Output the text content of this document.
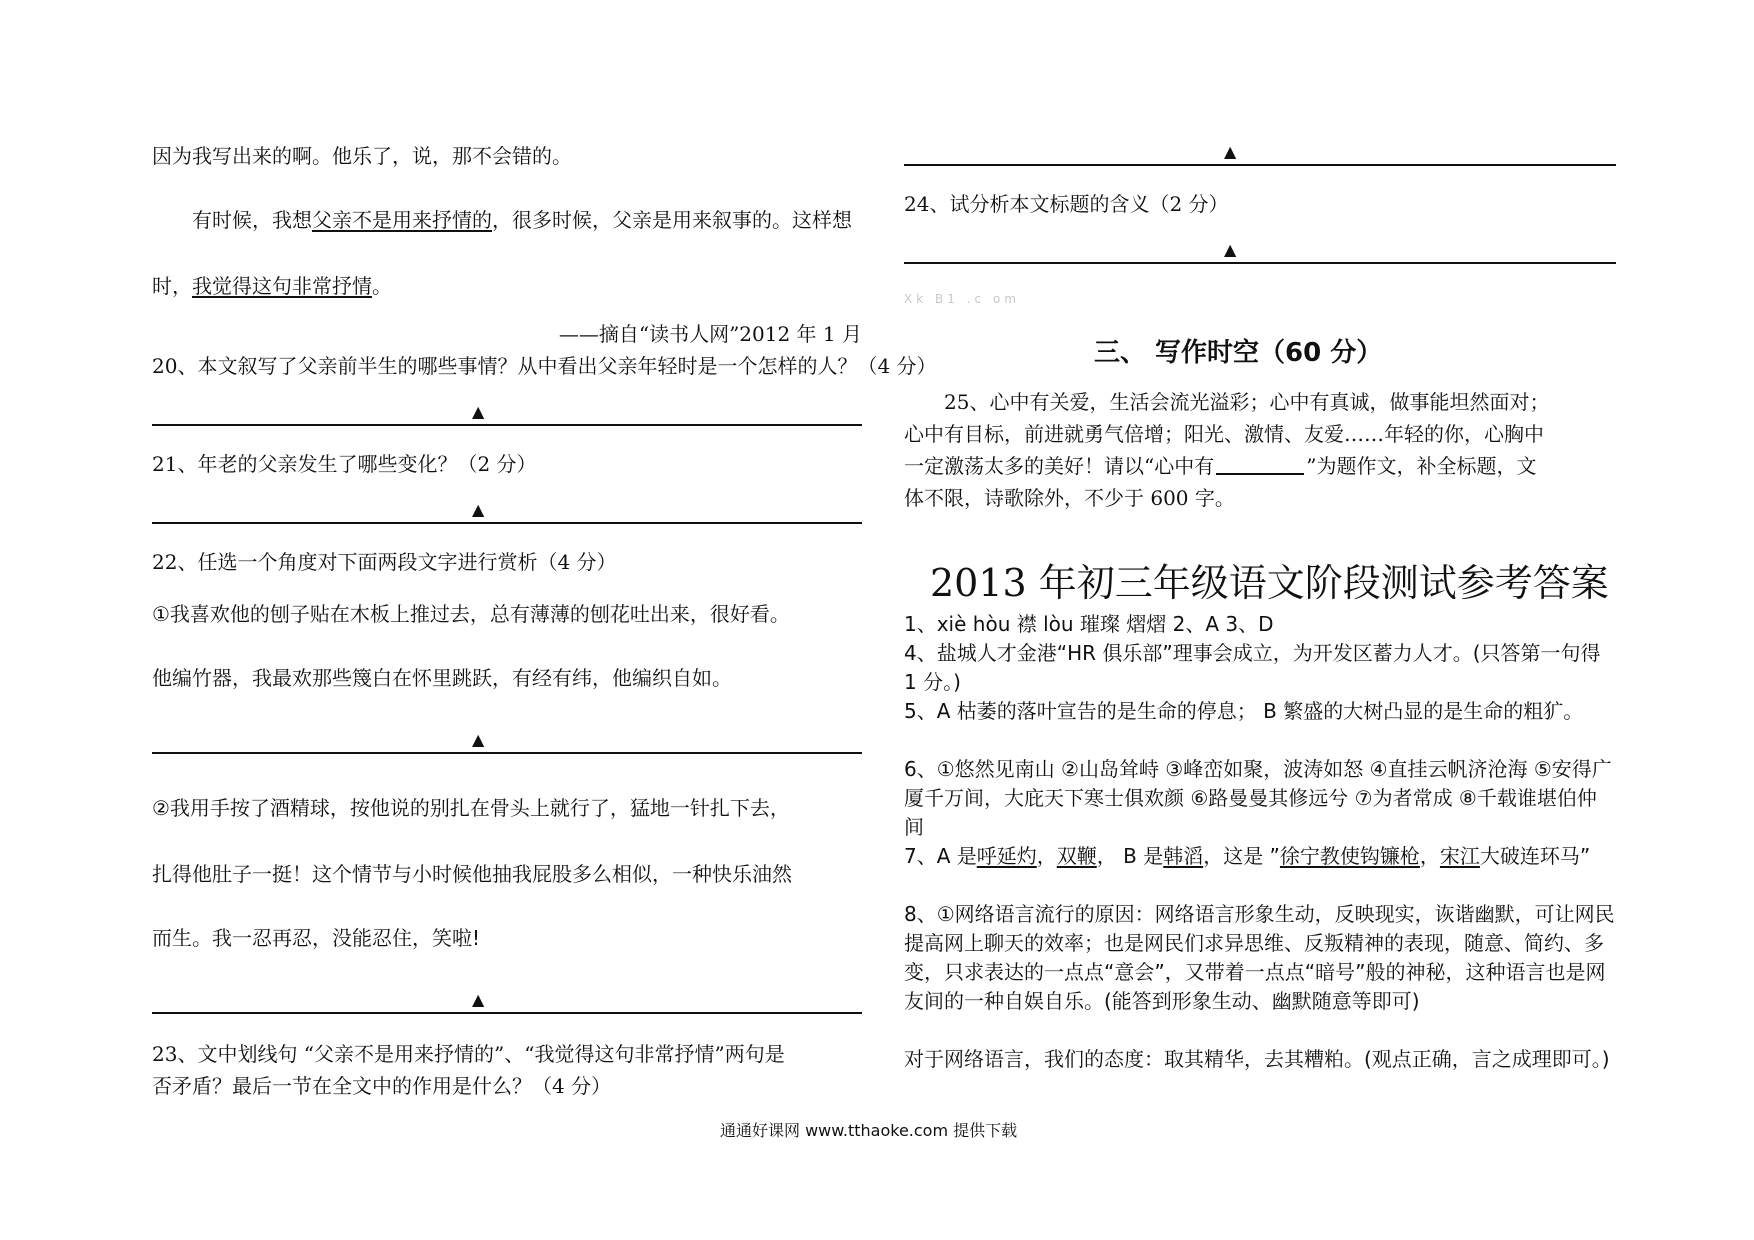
因为我写出来的啊。他乐了，说，那不会错的。
有时候，我想父亲不是用来抒情的，很多时候，父亲是用来叙事的。这样想
时，我觉得这句非常抒情。
——摘自“读书人网”2012 年 1 月
20、本文叙写了父亲前半生的哪些事情？从中看出父亲年轻时是一个怎样的人？（4 分）
▲
21、年老的父亲发生了哪些变化？（2 分）
▲
22、任选一个角度对下面两段文字进行赏析（4 分）
①我喜欢他的刨子贴在木板上推过去，总有薄薄的刨花吐出来，很好看。
他编竹器，我最欢那些篾白在怀里跳跃，有经有纬，他编织自如。
▲
②我用手按了酒精球，按他说的别扎在骨头上就行了，猛地一针扎下去，
扎得他肚子一挺！这个情节与小时候他抽我屁股多么相似，一种快乐油然
而生。我一忍再忍，没能忍住，笑啦!
▲
23、文中划线句 “父亲不是用来抒情的”、“我觉得这句非常抒情”两句是
否矛盾？最后一节在全文中的作用是什么？（4 分）
▲
24、试分析本文标题的含义（2 分）
▲
Xk B1 .c om
三、 写作时空（60 分）
25、心中有关爱，生活会流光溢彩；心中有真诚，做事能坦然面对；
心中有目标，前进就勇气倍增；阳光、激情、友爱……年轻的你，心胸中
一定激荡太多的美好！请以“心中有	”为题作文，补全标题，文
体不限，诗歌除外，不少于 600 字。
2013 年初三年级语文阶段测试参考答案
1、xiè hòu 襟 lòu 璀璨 熠熠 2、A 3、D
4、盐城人才金港“HR 俱乐部”理事会成立，为开发区蓄力人才。(只答第一句得 1 分。)
5、A 枯萎的落叶宣告的是生命的停息； B 繁盛的大树凸显的是生命的粗犷。
6、①悠然见南山 ②山岛耸峙 ③峰峦如聚，波涛如怒 ④直挂云帆济沧海 ⑤安得广厦千万间，大庇天下寒士俱欢颜 ⑥路曼曼其修远兮 ⑦为者常成 ⑧千载谁堪伯仲间
7、A 是呼延灼，双鞭， B 是韩滔，这是 ”徐宁教使钩镰枪，宋江大破连环马”
8、①网络语言流行的原因：网络语言形象生动，反映现实，诙谐幽默，可让网民提高网上聊天的效率；也是网民们求异思维、反叛精神的表现，随意、简约、多变，只求表达的一点点“意会”，又带着一点点“暗号”般的神秘，这种语言也是网友间的一种自娱自乐。(能答到形象生动、幽默随意等即可)
对于网络语言，我们的态度：取其精华，去其糟粕。(观点正确，言之成理即可。)
通通好课网 www.tthaoke.com 提供下载
